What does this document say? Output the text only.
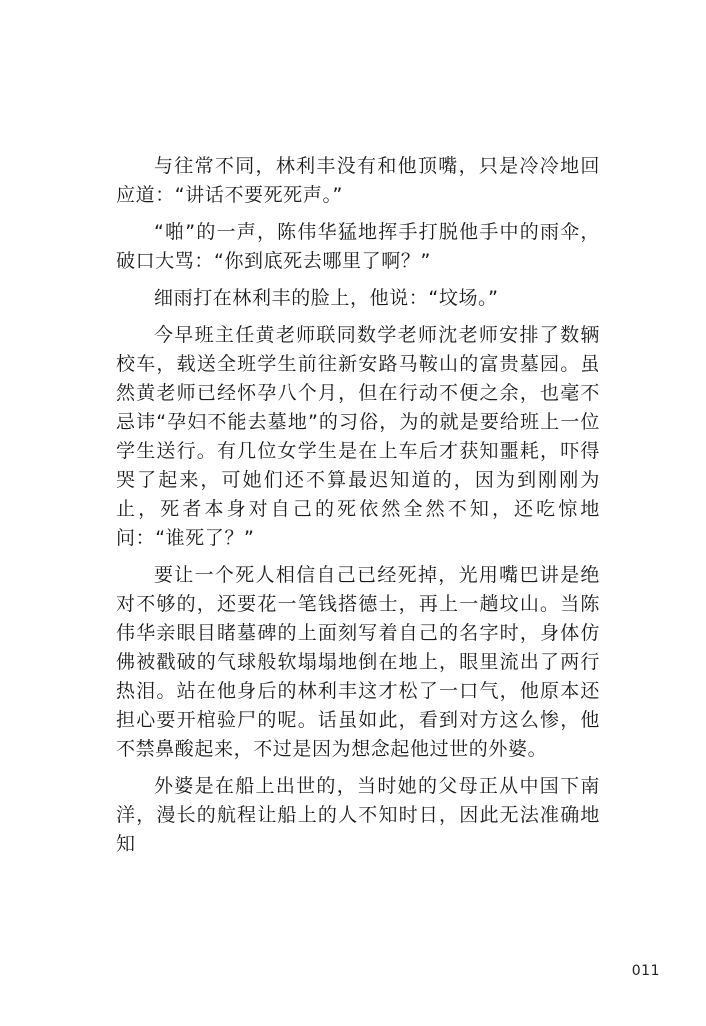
与往常不同，林利丰没有和他顶嘴，只是冷冷地回应道：“讲话不要死死声。”

“啪”的一声，陈伟华猛地挥手打脱他手中的雨伞，破口大骂：“你到底死去哪里了啊？”

细雨打在林利丰的脸上，他说：“坟场。”

今早班主任黄老师联同数学老师沈老师安排了数辆校车，载送全班学生前往新安路马鞍山的富贵墓园。虽然黄老师已经怀孕八个月，但在行动不便之余，也毫不忌讳“孕妇不能去墓地”的习俗，为的就是要给班上一位学生送行。有几位女学生是在上车后才获知噩耗，吓得哭了起来，可她们还不算最迟知道的，因为到刚刚为止，死者本身对自己的死依然全然不知，还吃惊地问：“谁死了？”

要让一个死人相信自己已经死掉，光用嘴巴讲是绝对不够的，还要花一笔钱搭德士，再上一趟坟山。当陈伟华亲眼目睹墓碑的上面刻写着自己的名字时，身体仿佛被戳破的气球般软塌塌地倒在地上，眼里流出了两行热泪。站在他身后的林利丰这才松了一口气，他原本还担心要开棺验尸的呢。话虽如此，看到对方这么惨，他不禁鼻酸起来，不过是因为想念起他过世的外婆。

外婆是在船上出世的，当时她的父母正从中国下南洋，漫长的航程让船上的人不知时日，因此无法准确地知

011
